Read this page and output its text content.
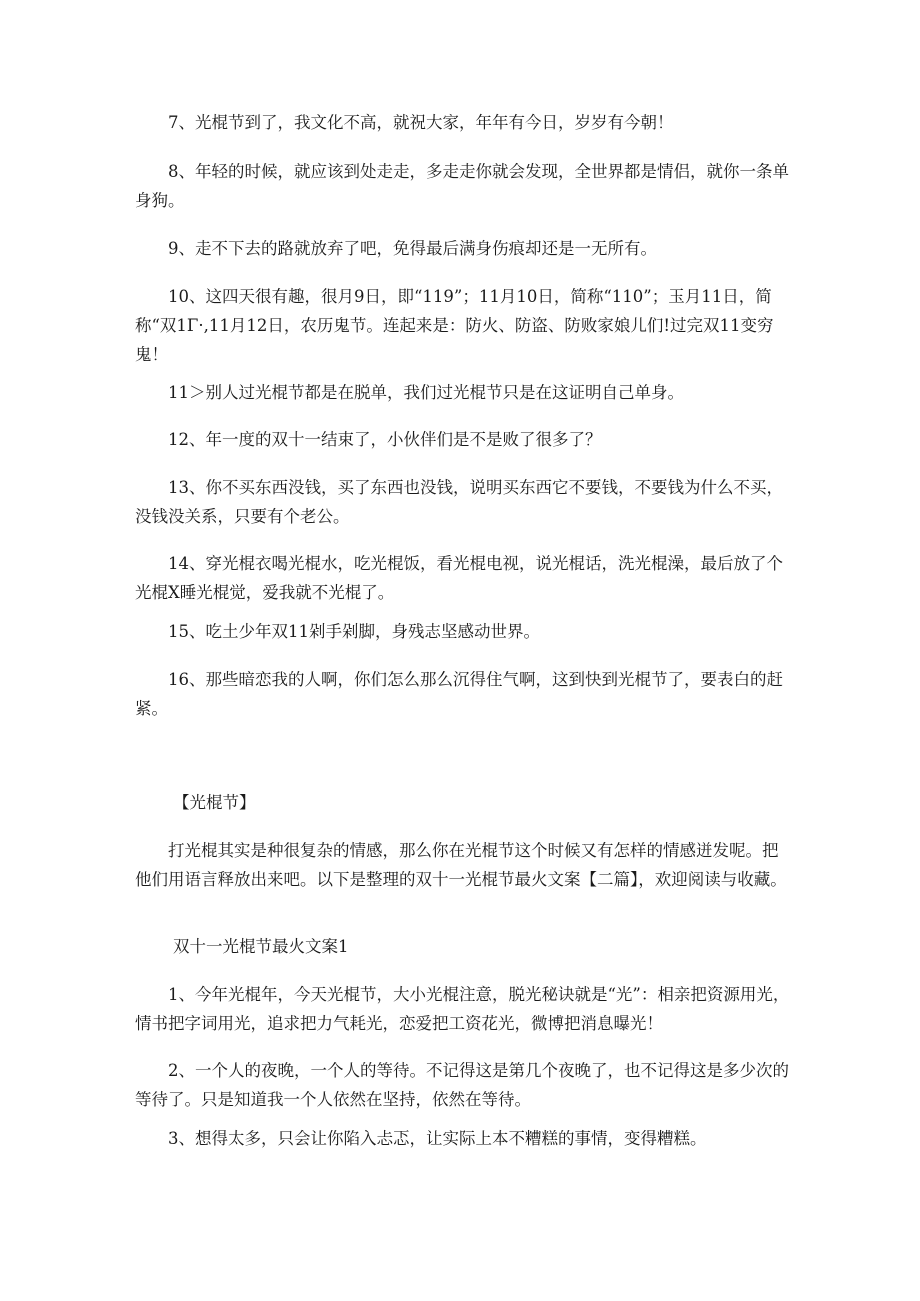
7、光棍节到了，我文化不高，就祝大家，年年有今日，岁岁有今朝！

8、年轻的时候，就应该到处走走，多走走你就会发现，全世界都是情侣，就你一条单身狗。

9、走不下去的路就放弃了吧，免得最后满身伤痕却还是一无所有。

10、这四天很有趣，很月9日，即“119”；11月10日，简称“110”；玉月11日，简称“双1Γ·,11月12日，农历鬼节。连起来是：防火、防盗、防败家娘儿们!过完双11变穷鬼！

11＞别人过光棍节都是在脱单，我们过光棍节只是在这证明自己单身。

12、年一度的双十一结束了，小伙伴们是不是败了很多了？

13、你不买东西没钱，买了东西也没钱，说明买东西它不要钱，不要钱为什么不买，没钱没关系，只要有个老公。

14、穿光棍衣喝光棍水，吃光棍饭，看光棍电视，说光棍话，洗光棍澡，最后放了个光棍X睡光棍觉，爱我就不光棍了。

15、吃土少年双11剁手剁脚，身残志坚感动世界。

16、那些暗恋我的人啊，你们怎么那么沉得住气啊，这到快到光棍节了，要表白的赶紧。

【光棍节】

打光棍其实是种很复杂的情感，那么你在光棍节这个时候又有怎样的情感迸发呢。把他们用语言释放出来吧。以下是整理的双十一光棍节最火文案【二篇】，欢迎阅读与收藏。

双十一光棍节最火文案1

1、今年光棍年，今天光棍节，大小光棍注意，脱光秘诀就是“光”：相亲把资源用光，情书把字词用光，追求把力气耗光，恋爱把工资花光，微博把消息曝光！

2、一个人的夜晚，一个人的等待。不记得这是第几个夜晚了，也不记得这是多少次的等待了。只是知道我一个人依然在坚持，依然在等待。

3、想得太多，只会让你陷入忐忑，让实际上本不糟糕的事情，变得糟糕。
